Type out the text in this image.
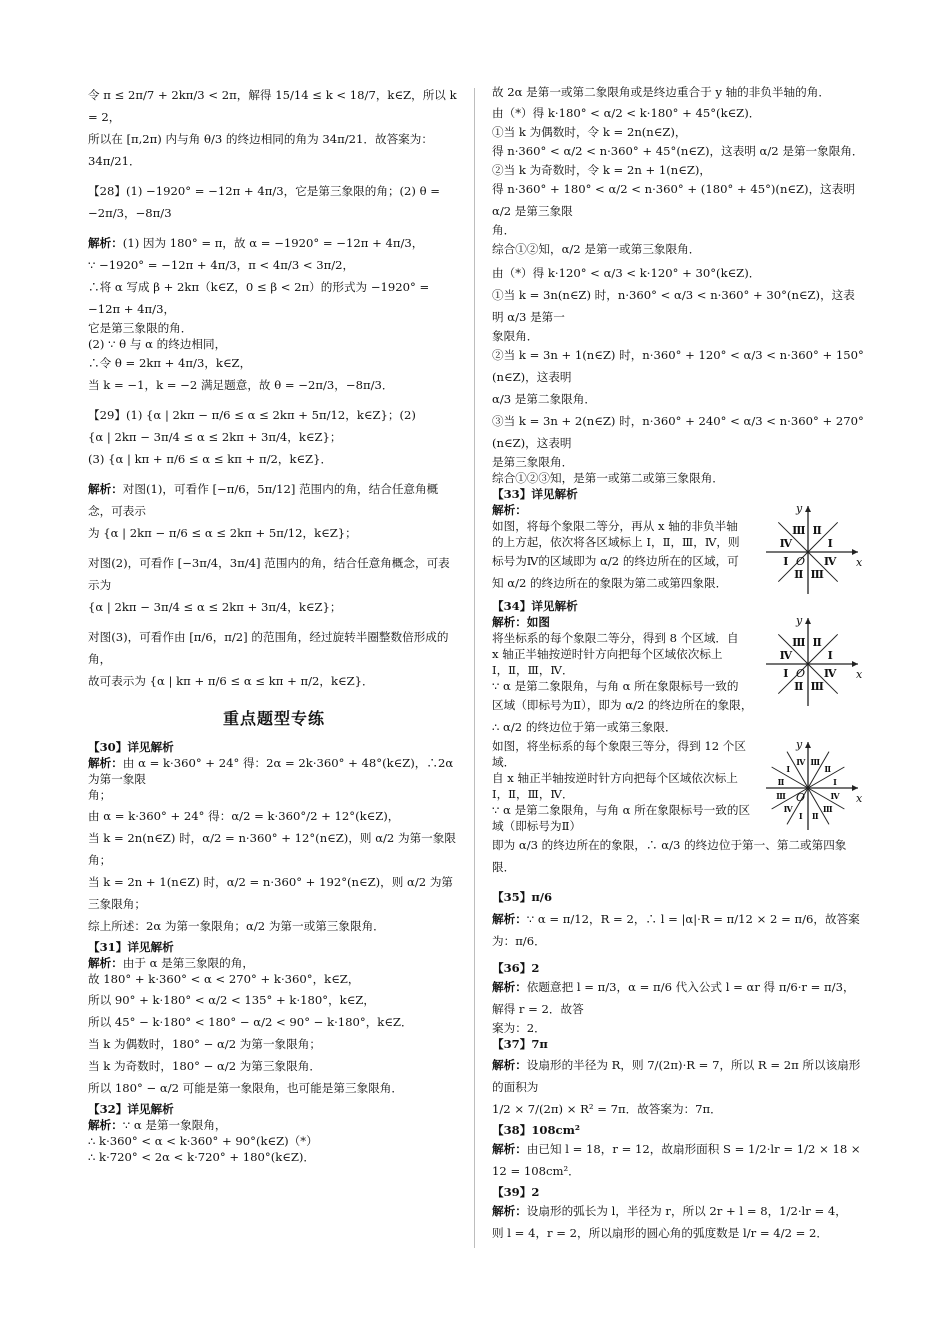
令 π ≤ 2π/7 + 2kπ/3 < 2π，解得 15/14 ≤ k < 18/7，k∈Z，所以 k = 2，
所以在 [π,2π) 内与角 θ/3 的终边相同的角为 34π/21．故答案为：34π/21．
【28】(1) −1920° = −12π + 4π/3，它是第三象限的角；(2) θ = −2π/3，−8π/3
解析：(1) 因为 180° = π，故 α = −1920° = −12π + 4π/3，
∵ −1920° = −12π + 4π/3，π < 4π/3 < 3π/2，
∴将 α 写成 β + 2kπ（k∈Z，0 ≤ β < 2π）的形式为 −1920° = −12π + 4π/3，
它是第三象限的角．
(2) ∵ θ 与 α 的终边相同，
∴令 θ = 2kπ + 4π/3，k∈Z，
当 k = −1，k = −2 满足题意，故 θ = −2π/3，−8π/3．
【29】(1) {α | 2kπ − π/6 ≤ α ≤ 2kπ + 5π/12，k∈Z}；(2)
{α | 2kπ − 3π/4 ≤ α ≤ 2kπ + 3π/4，k∈Z}；
(3) {α | kπ + π/6 ≤ α ≤ kπ + π/2，k∈Z}．
解析：对图(1)，可看作 [−π/6，5π/12] 范围内的角，结合任意角概念，可表示
为 {α | 2kπ − π/6 ≤ α ≤ 2kπ + 5π/12，k∈Z}；
对图(2)，可看作 [−3π/4，3π/4] 范围内的角，结合任意角概念，可表示为
{α | 2kπ − 3π/4 ≤ α ≤ 2kπ + 3π/4，k∈Z}；
对图(3)，可看作由 [π/6，π/2] 的范围角，经过旋转半圈整数倍形成的角，
故可表示为 {α | kπ + π/6 ≤ α ≤ kπ + π/2，k∈Z}．
重点题型专练
【30】详见解析
解析：由 α = k·360° + 24° 得：2α = 2k·360° + 48°(k∈Z)，∴2α 为第一象限
角；
由 α = k·360° + 24° 得：α/2 = k·360°/2 + 12°(k∈Z)，
当 k = 2n(n∈Z) 时，α/2 = n·360° + 12°(n∈Z)，则 α/2 为第一象限角；
当 k = 2n + 1(n∈Z) 时，α/2 = n·360° + 192°(n∈Z)，则 α/2 为第三象限角；
综上所述：2α 为第一象限角；α/2 为第一或第三象限角．
【31】详见解析
解析：由于 α 是第三象限的角，
故 180° + k·360° < α < 270° + k·360°，k∈Z，
所以 90° + k·180° < α/2 < 135° + k·180°，k∈Z，
所以 45° − k·180° < 180° − α/2 < 90° − k·180°，k∈Z．
当 k 为偶数时，180° − α/2 为第一象限角；
当 k 为奇数时，180° − α/2 为第三象限角．
所以 180° − α/2 可能是第一象限角，也可能是第三象限角．
【32】详见解析
解析：∵ α 是第一象限角，
∴ k·360° < α < k·360° + 90°(k∈Z)（*）
∴ k·720° < 2α < k·720° + 180°(k∈Z)．
故 2α 是第一或第二象限角或是终边重合于 y 轴的非负半轴的角．
由（*）得 k·180° < α/2 < k·180° + 45°(k∈Z)．
①当 k 为偶数时，令 k = 2n(n∈Z)，
得 n·360° < α/2 < n·360° + 45°(n∈Z)，这表明 α/2 是第一象限角．
②当 k 为奇数时，令 k = 2n + 1(n∈Z)，
得 n·360° + 180° < α/2 < n·360° + (180° + 45°)(n∈Z)，这表明 α/2 是第三象限
角．
综合①②知，α/2 是第一或第三象限角．
由（*）得 k·120° < α/3 < k·120° + 30°(k∈Z)．
①当 k = 3n(n∈Z) 时，n·360° < α/3 < n·360° + 30°(n∈Z)，这表明 α/3 是第一
象限角．
②当 k = 3n + 1(n∈Z) 时，n·360° + 120° < α/3 < n·360° + 150°(n∈Z)，这表明
α/3 是第二象限角．
③当 k = 3n + 2(n∈Z) 时，n·360° + 240° < α/3 < n·360° + 270°(n∈Z)，这表明
是第三象限角．
综合①②③知，是第一或第二或第三象限角．
【33】详见解析
解析：
如图，将每个象限二等分，再从 x 轴的非负半轴
的上方起，依次将各区域标上 Ⅰ，Ⅱ，Ⅲ，Ⅳ，则
标号为Ⅳ的区域即为 α/2 的终边所在的区域，可
知 α/2 的终边所在的象限为第二或第四象限．
Ⅰ
Ⅱ
Ⅲ
Ⅳ
Ⅰ
Ⅱ Ⅲ
Ⅳ x
y
O
【34】详见解析
解析：如图
将坐标系的每个象限二等分，得到 8 个区域．自
x 轴正半轴按逆时针方向把每个区域依次标上
Ⅰ，Ⅱ，Ⅲ，Ⅳ．
∵ α 是第二象限角，与角 α 所在象限标号一致的
区域（即标号为Ⅱ），即为 α/2 的终边所在的象限，
∴ α/2 的终边位于第一或第三象限．
Ⅰ
Ⅱ
Ⅲ
Ⅳ
Ⅰ
Ⅱ Ⅲ
Ⅳ x
y
O
如图，将坐标系的每个象限三等分，得到 12 个区域．
自 x 轴正半轴按逆时针方向把每个区域依次标上
Ⅰ，Ⅱ，Ⅲ，Ⅳ．
∵ α 是第二象限角，与角 α 所在象限标号一致的区
域（即标号为Ⅱ）
Ⅰ
Ⅱ
Ⅲ
Ⅳ
Ⅰ
Ⅱ
Ⅲ
Ⅳ
Ⅰ Ⅱ
Ⅲ
Ⅳ x
y
O
即为 α/3 的终边所在的象限，∴ α/3 的终边位于第一、第二或第四象限．
【35】π/6
解析：∵ α = π/12，R = 2，∴ l = |α|·R = π/12 × 2 = π/6，故答案为：π/6．
【36】2
解析：依题意把 l = π/3，α = π/6 代入公式 l = αr 得 π/6·r = π/3，解得 r = 2．故答
案为：2．
【37】7π
解析：设扇形的半径为 R，则 7/(2π)·R = 7，所以 R = 2π 所以该扇形的面积为
1/2 × 7/(2π) × R² = 7π．故答案为：7π．
【38】108cm²
解析：由已知 l = 18，r = 12，故扇形面积 S = 1/2·lr = 1/2 × 18 × 12 = 108cm²．
【39】2
解析：设扇形的弧长为 l，半径为 r，所以 2r + l = 8，1/2·lr = 4，
则 l = 4，r = 2，所以扇形的圆心角的弧度数是 l/r = 4/2 = 2．
